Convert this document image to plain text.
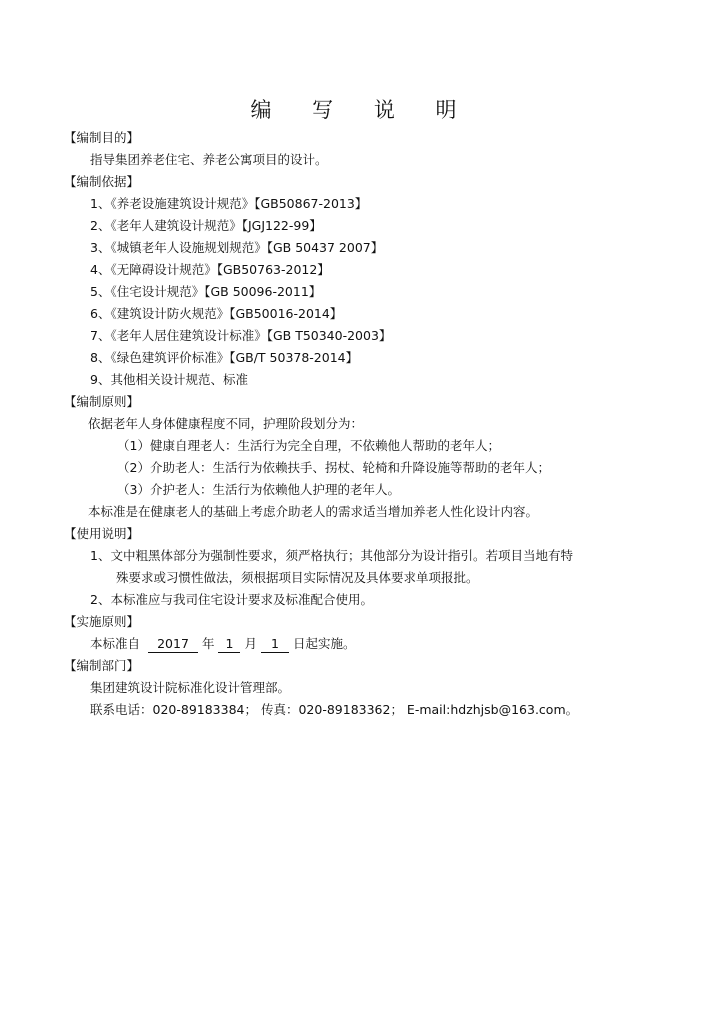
编 写 说 明
【编制目的】
指导集团养老住宅、养老公寓项目的设计。
【编制依据】
1、《养老设施建筑设计规范》【GB50867-2013】
2、《老年人建筑设计规范》【JGJ122-99】
3、《城镇老年人设施规划规范》【GB 50437 2007】
4、《无障碍设计规范》【GB50763-2012】
5、《住宅设计规范》【GB 50096-2011】
6、《建筑设计防火规范》【GB50016-2014】
7、《老年人居住建筑设计标准》【GB T50340-2003】
8、《绿色建筑评价标准》【GB/T 50378-2014】
9、其他相关设计规范、标准
【编制原则】
依据老年人身体健康程度不同，护理阶段划分为：
（1）健康自理老人：生活行为完全自理，不依赖他人帮助的老年人；
（2）介助老人：生活行为依赖扶手、拐杖、轮椅和升降设施等帮助的老年人；
（3）介护老人：生活行为依赖他人护理的老年人。
本标准是在健康老人的基础上考虑介助老人的需求适当增加养老人性化设计内容。
【使用说明】
1、文中粗黑体部分为强制性要求，须严格执行；其他部分为设计指引。若项目当地有特
殊要求或习惯性做法，须根据项目实际情况及具体要求单项报批。
2、本标准应与我司住宅设计要求及标准配合使用。
【实施原则】
本标准自 2017 年 1 月 1 日起实施。
【编制部门】
集团建筑设计院标准化设计管理部。
联系电话：020-89183384； 传真：020-89183362； E-mail:hdzhjsb@163.com。
